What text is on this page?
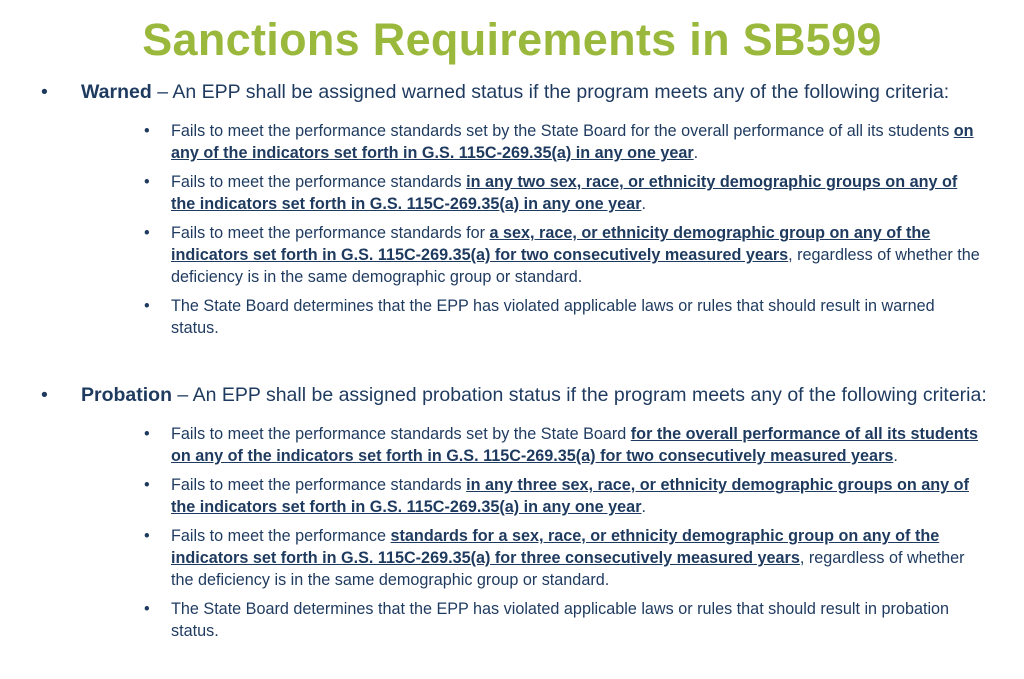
Sanctions Requirements in SB599
• Warned – An EPP shall be assigned warned status if the program meets any of the following criteria:
• Fails to meet the performance standards set by the State Board for the overall performance of all its students on any of the indicators set forth in G.S. 115C-269.35(a) in any one year.
• Fails to meet the performance standards in any two sex, race, or ethnicity demographic groups on any of the indicators set forth in G.S. 115C-269.35(a) in any one year.
• Fails to meet the performance standards for a sex, race, or ethnicity demographic group on any of the indicators set forth in G.S. 115C-269.35(a) for two consecutively measured years, regardless of whether the deficiency is in the same demographic group or standard.
• The State Board determines that the EPP has violated applicable laws or rules that should result in warned status.
• Probation – An EPP shall be assigned probation status if the program meets any of the following criteria:
• Fails to meet the performance standards set by the State Board for the overall performance of all its students on any of the indicators set forth in G.S. 115C-269.35(a) for two consecutively measured years.
• Fails to meet the performance standards in any three sex, race, or ethnicity demographic groups on any of the indicators set forth in G.S. 115C-269.35(a) in any one year.
• Fails to meet the performance standards for a sex, race, or ethnicity demographic group on any of the indicators set forth in G.S. 115C-269.35(a) for three consecutively measured years, regardless of whether the deficiency is in the same demographic group or standard.
• The State Board determines that the EPP has violated applicable laws or rules that should result in probation status.
